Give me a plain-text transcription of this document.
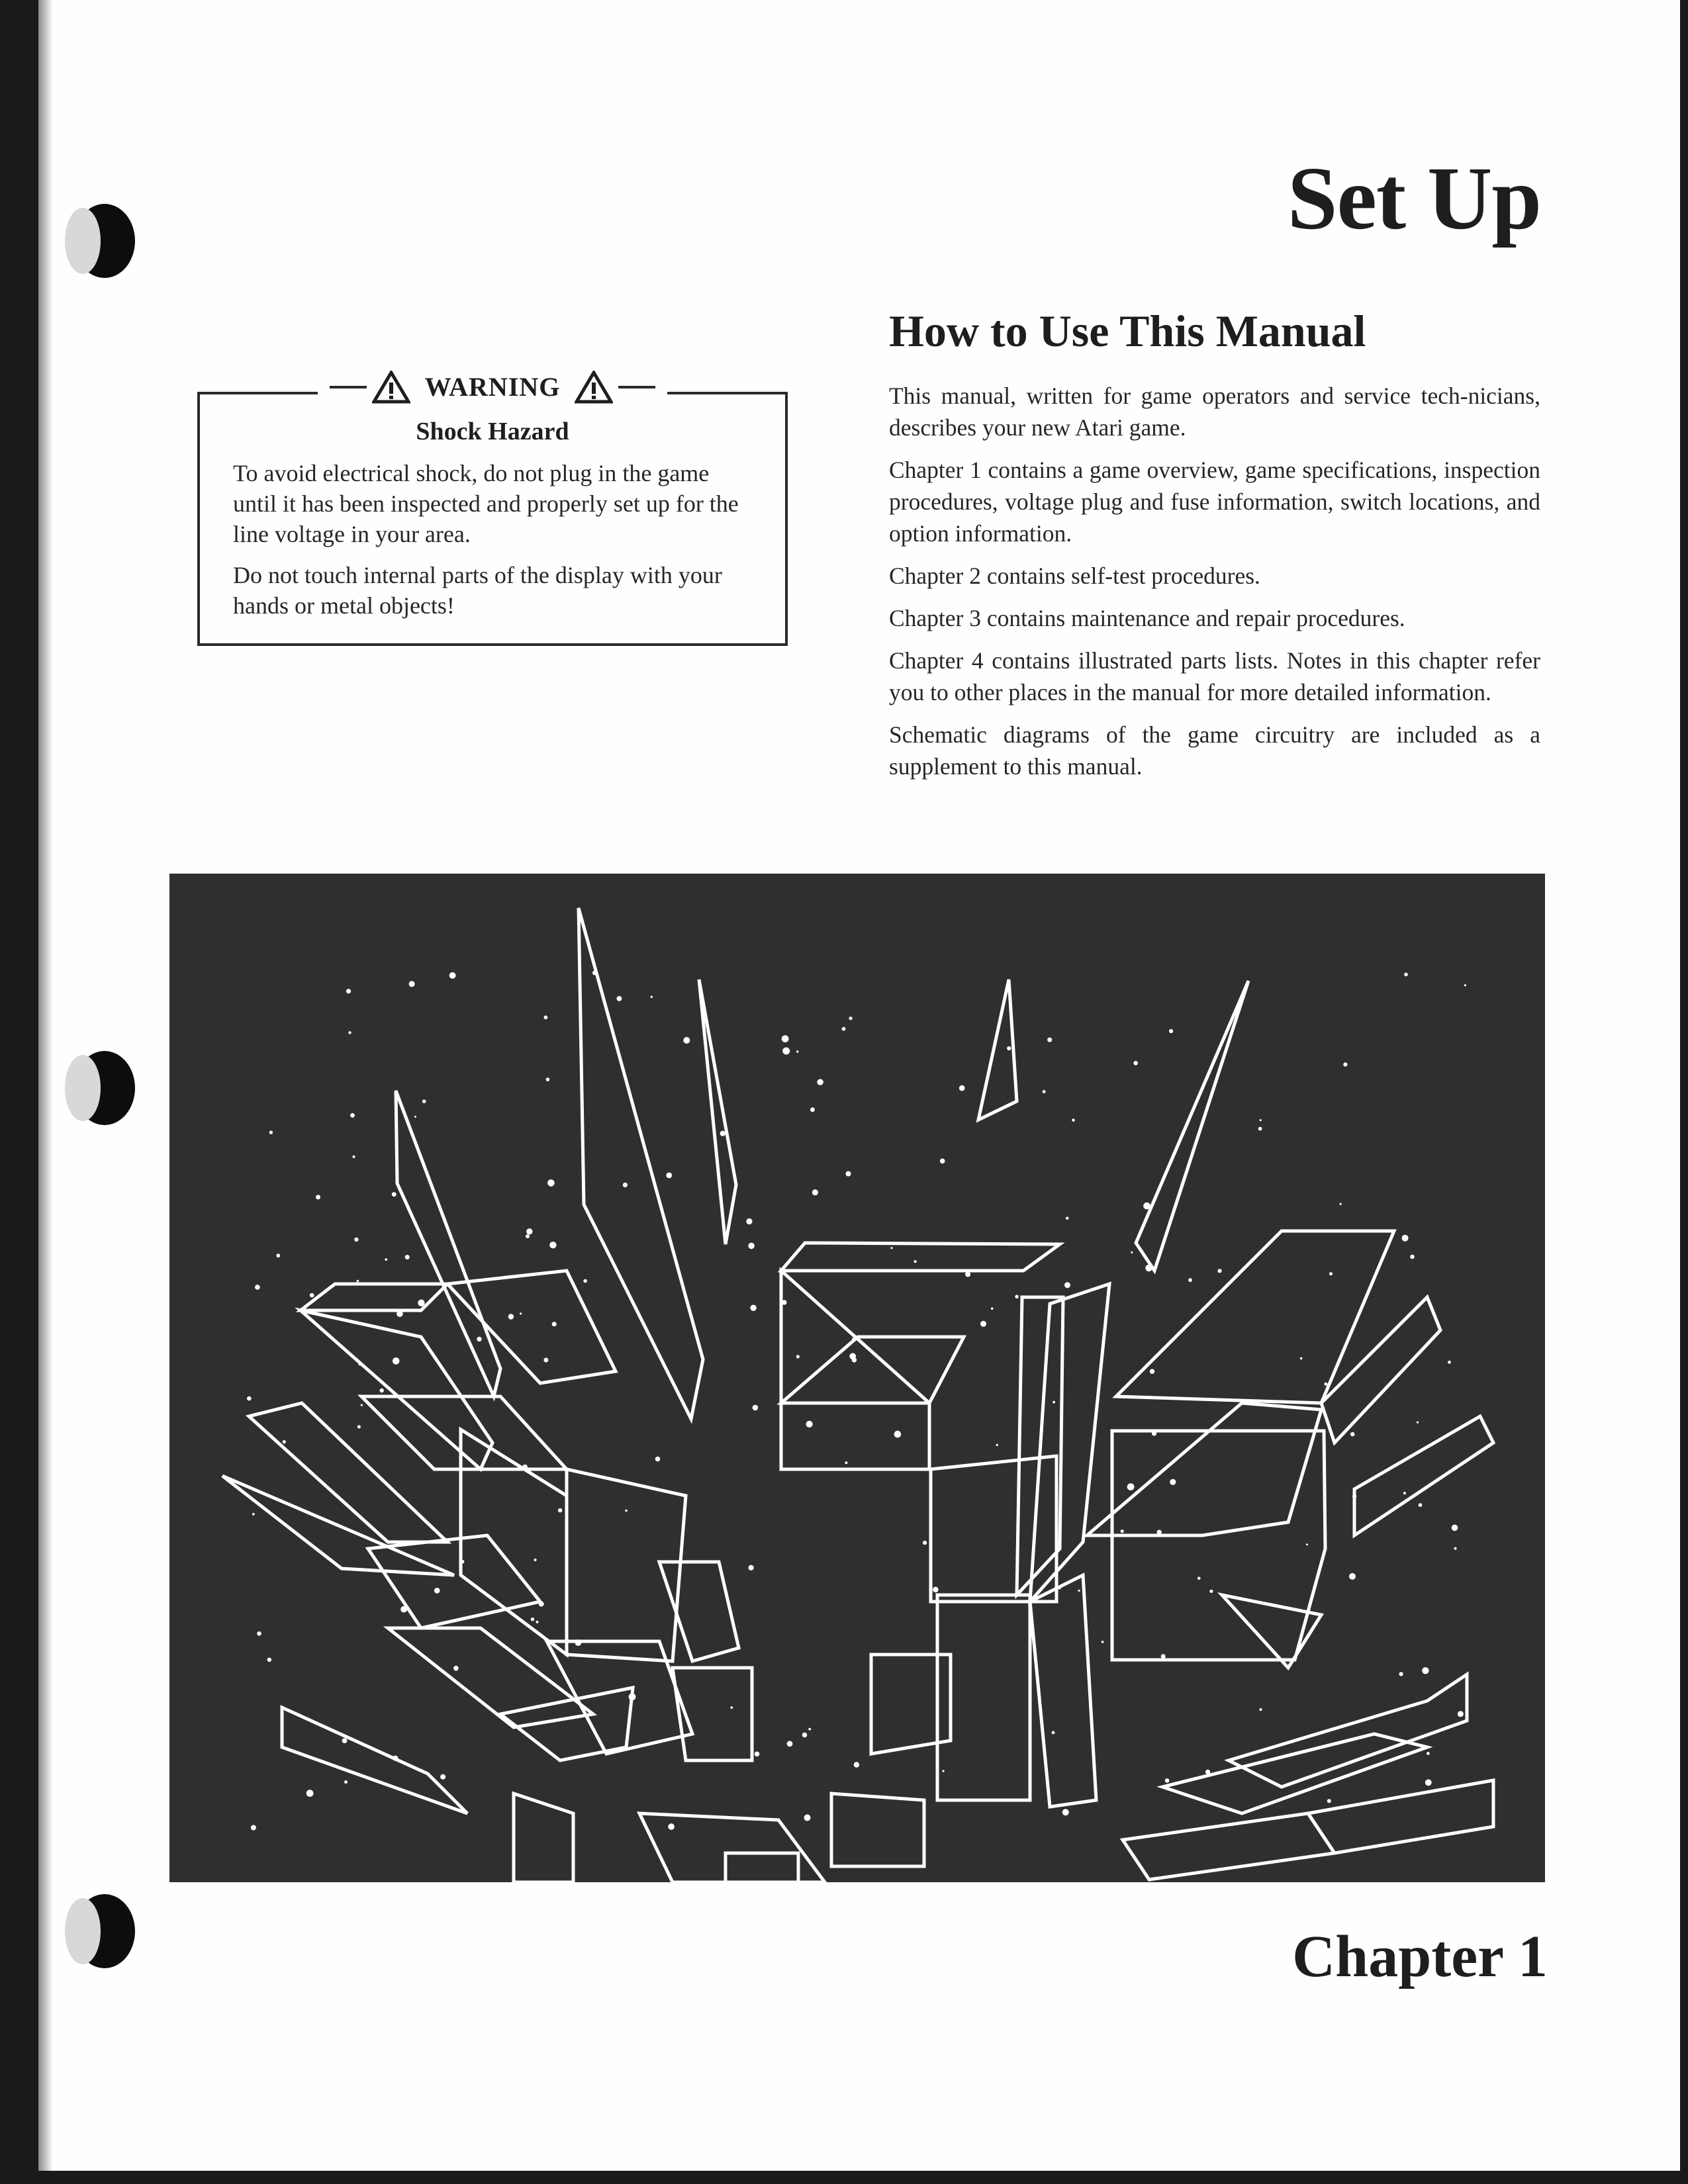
Set Up
WARNING
Shock Hazard

To avoid electrical shock, do not plug in the game until it has been inspected and properly set up for the line voltage in your area.

Do not touch internal parts of the display with your hands or metal objects!

How to Use This Manual

This manual, written for game operators and service tech-nicians, describes your new Atari game.

Chapter 1 contains a game overview, game specifications, inspection procedures, voltage plug and fuse information, switch locations, and option information.

Chapter 2 contains self-test procedures.

Chapter 3 contains maintenance and repair procedures.

Chapter 4 contains illustrated parts lists. Notes in this chapter refer you to other places in the manual for more detailed information.

Schematic diagrams of the game circuitry are included as a supplement to this manual.

Chapter 1
